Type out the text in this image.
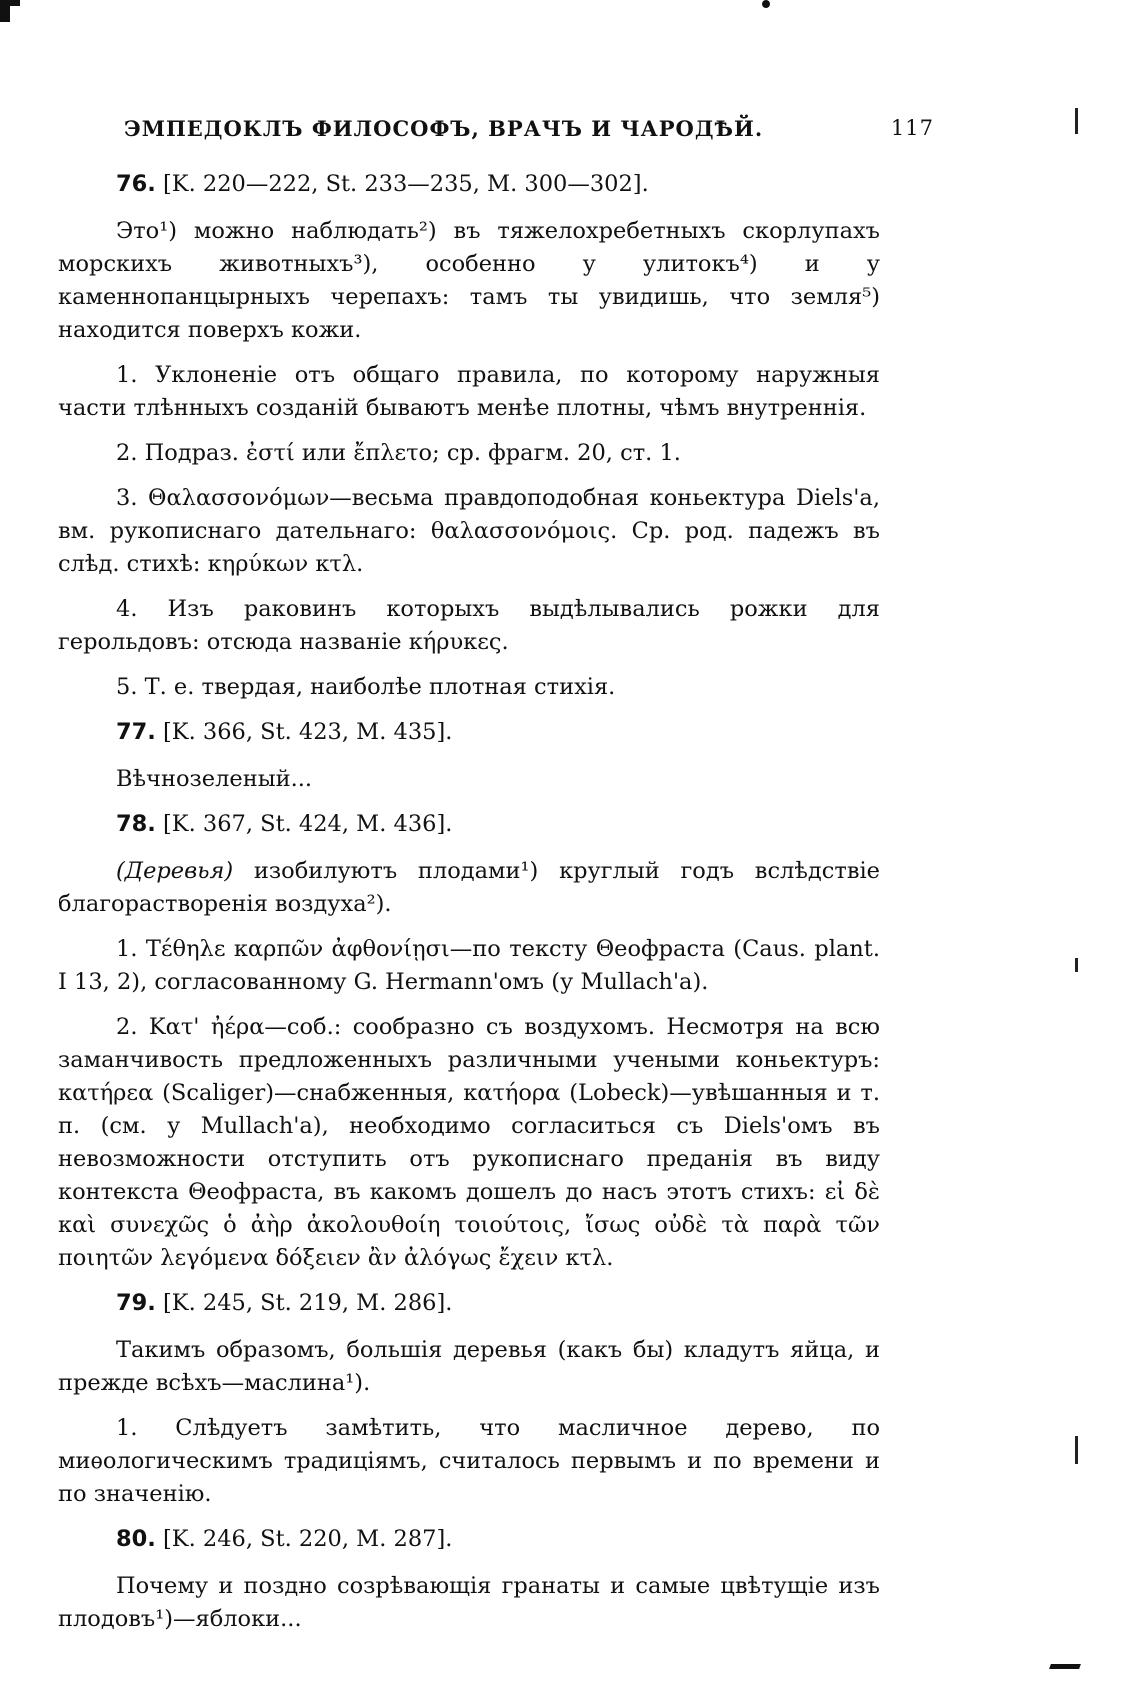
ЭМПЕДОКЛЪ ФИЛОСОФЪ, ВРАЧЪ И ЧАРОДѢЙ.	117
76. [K. 220—222, St. 233—235, M. 300—302].

Это¹) можно наблюдать²) въ тяжелохребетныхъ скорлупахъ морскихъ животныхъ³), особенно у улитокъ⁴) и у каменнопанцырныхъ черепахъ: тамъ ты увидишь, что земля⁵) находится поверхъ кожи.

1. Уклоненіе отъ общаго правила, по которому наружныя части тлѣнныхъ созданій бываютъ менѣе плотны, чѣмъ внутреннія.

2. Подраз. ἐστί или ἔπλετο; ср. фрагм. 20, ст. 1.

3. Θαλασσονόμων—весьма правдоподобная коньектура Diels'а, вм. рукописнаго дательнаго: θαλασσονόμοις. Ср. род. падежъ въ слѣд. стихѣ: κηρύκων κτλ.

4. Изъ раковинъ которыхъ выдѣлывались рожки для герольдовъ: отсюда названіе κήρυκες.

5. Т. е. твердая, наиболѣе плотная стихія.

77. [K. 366, St. 423, M. 435].

Вѣчнозеленый...

78. [K. 367, St. 424, M. 436].

(Деревья) изобилуютъ плодами¹) круглый годъ вслѣдствіе благорастворенія воздуха²).

1. Τέθηλε καρπῶν ἀφθονίῃσι—по тексту Θеофраста (Caus. plant. I 13, 2), согласованному G. Hermann'омъ (у Mullach'а).

2. Κατ' ἠέρα—соб.: сообразно съ воздухомъ. Несмотря на всю заманчивость предложенныхъ различными учеными коньектуръ: κατήρεα (Scaliger)—снабженныя, κατήορα (Lobeck)—увѣшанныя и т. п. (см. у Mullach'а), необходимо согласиться съ Diels'омъ въ невозможности отступить отъ рукописнаго преданія въ виду контекста Θеофраста, въ какомъ дошелъ до насъ этотъ стихъ: εἰ δὲ καὶ συνεχῶς ὁ ἀὴρ ἀκολουθοίη τοιούτοις, ἴσως οὐδὲ τὰ παρὰ τῶν ποιητῶν λεγόμενα δόξειεν ἂν ἀλόγως ἔχειν κτλ.

79. [K. 245, St. 219, M. 286].

Такимъ образомъ, большія деревья (какъ бы) кладутъ яйца, и прежде всѣхъ—маслина¹).

1. Слѣдуетъ замѣтить, что масличное дерево, по миѳологическимъ традиціямъ, считалось первымъ и по времени и по значенію.

80. [K. 246, St. 220, M. 287].

Почему и поздно созрѣвающія гранаты и самые цвѣтущіе изъ плодовъ¹)—яблоки...
